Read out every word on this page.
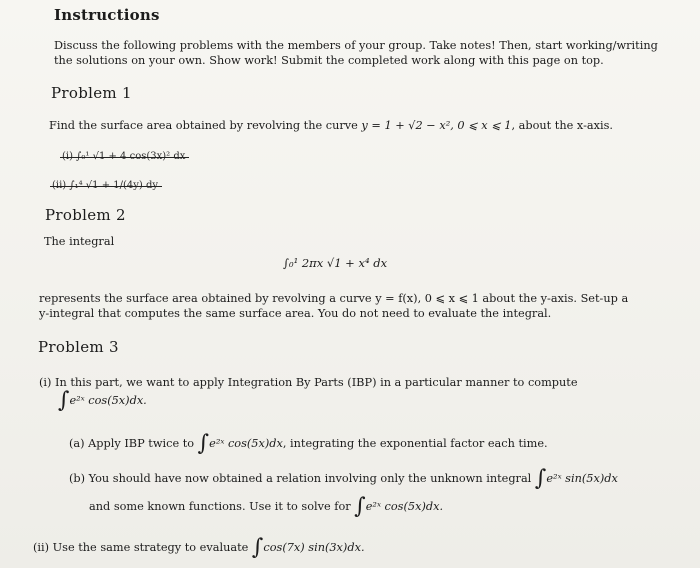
Instructions
Discuss the following problems with the members of your group. Take notes! Then, start working/writing
the solutions on your own. Show work! Submit the completed work along with this page on top.
Problem 1
Find the surface area obtained by revolving the curve y = 1 + √2 − x², 0 ⩽ x ⩽ 1, about the x-axis.
(i) ∫₀¹ √1 + 4 cos(3x)² dx
(ii) ∫₁⁴ √1 + 1/(4y) dy
Problem 2
The integral
∫₀¹ 2πx √1 + x⁴ dx
represents the surface area obtained by revolving a curve y = f(x), 0 ⩽ x ⩽ 1 about the y-axis. Set-up a
y-integral that computes the same surface area. You do not need to evaluate the integral.
Problem 3
(i) In this part, we want to apply Integration By Parts (IBP) in a particular manner to compute
∫e²ˣ cos(5x)dx.
(a) Apply IBP twice to ∫e²ˣ cos(5x)dx, integrating the exponential factor each time.
(b) You should have now obtained a relation involving only the unknown integral ∫e²ˣ sin(5x)dx
and some known functions. Use it to solve for ∫e²ˣ cos(5x)dx.
(ii) Use the same strategy to evaluate ∫cos(7x) sin(3x)dx.
